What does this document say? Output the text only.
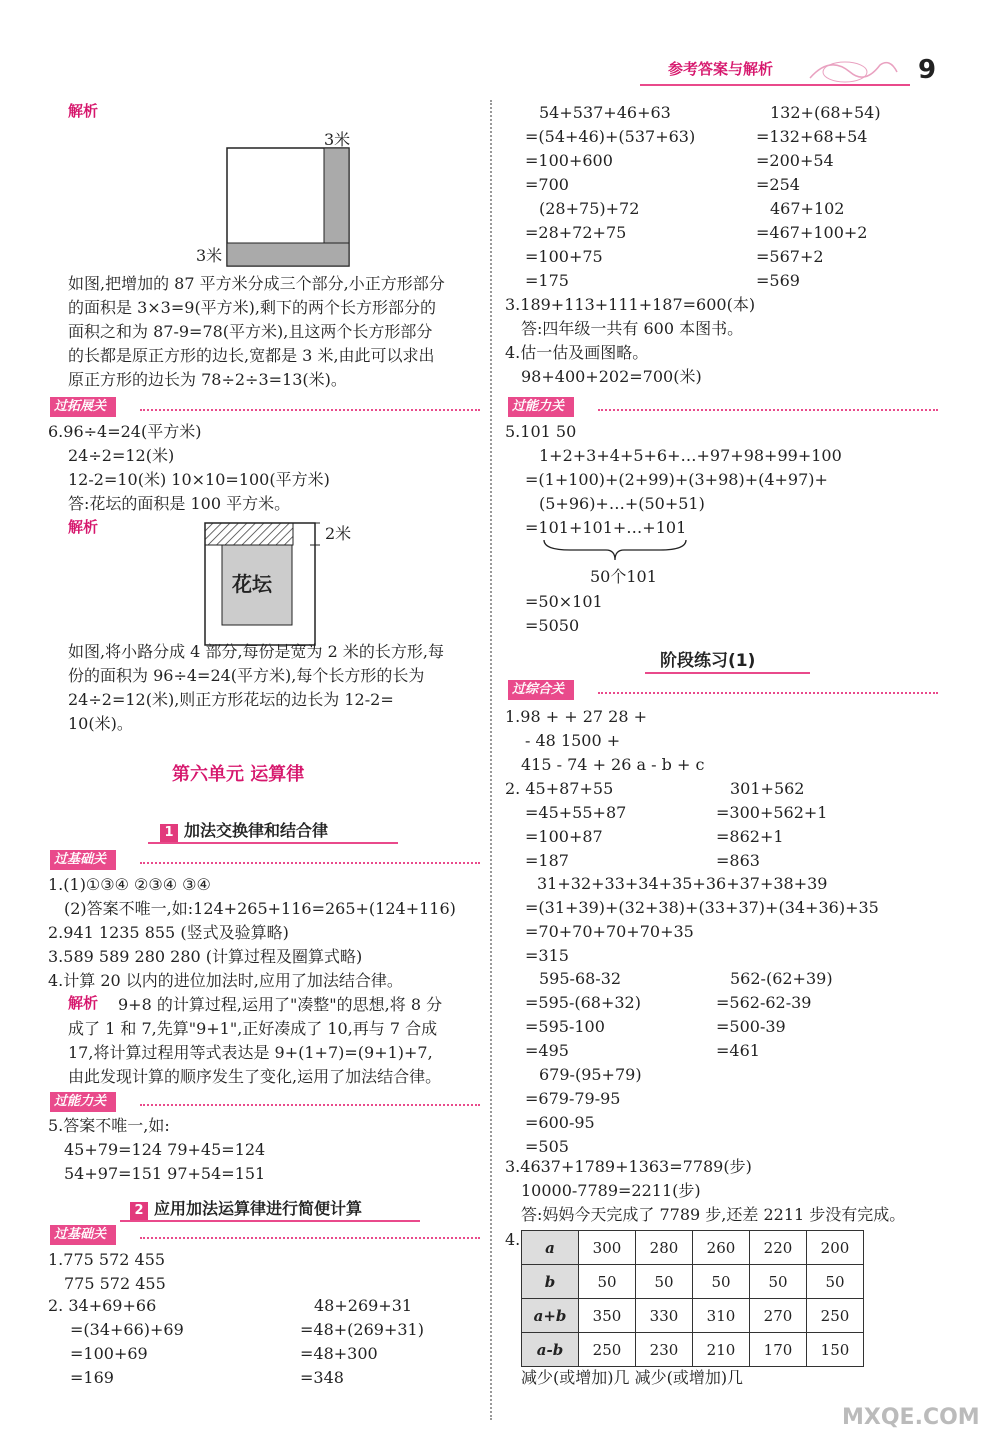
参考答案与解析	9
解析
3米
3米
如图,把增加的 87 平方米分成三个部分,小正方形部分
的面积是 3×3=9(平方米),剩下的两个长方形部分的
面积之和为 87-9=78(平方米),且这两个长方形部分
的长都是原正方形的边长,宽都是 3 米,由此可以求出
原正方形的边长为 78÷2÷3=13(米)。
过拓展关
6.96÷4=24(平方米)
24÷2=12(米)
12-2=10(米) 10×10=100(平方米)
答:花坛的面积是 100 平方米。
解析
花坛
2米
如图,将小路分成 4 部分,每份是宽为 2 米的长方形,每
份的面积为 96÷4=24(平方米),每个长方形的长为
24÷2=12(米),则正方形花坛的边长为 12-2=
10(米)。
第六单元 运算律
1 加法交换律和结合律
过基础关
1.(1)①③④ ②③④ ③④
(2)答案不唯一,如:124+265+116=265+(124+116)
2.941 1235 855 (竖式及验算略)
3.589 589 280 280 (计算过程及圈算式略)
4.计算 20 以内的进位加法时,应用了加法结合律。
解析	9+8 的计算过程,运用了"凑整"的思想,将 8 分
成了 1 和 7,先算"9+1",正好凑成了 10,再与 7 合成
17,将计算过程用等式表达是 9+(1+7)=(9+1)+7,
由此发现计算的顺序发生了变化,运用了加法结合律。
过能力关
5.答案不唯一,如:
45+79=124 79+45=124
54+97=151 97+54=151
2 应用加法运算律进行简便计算
过基础关
1.775 572 455
775 572 455
2. 34+69+66
=(34+66)+69
=100+69
=169
48+269+31
=48+(269+31)
=48+300
=348
54+537+46+63
=(54+46)+(537+63)
=100+600
=700
(28+75)+72
=28+72+75
=100+75
=175
132+(68+54)
=132+68+54
=200+54
=254
467+102
=467+100+2
=567+2
=569
3.189+113+111+187=600(本)
答:四年级一共有 600 本图书。
4.估一估及画图略。
98+400+202=700(米)
过能力关
5.101 50
1+2+3+4+5+6+…+97+98+99+100
=(1+100)+(2+99)+(3+98)+(4+97)+
(5+96)+…+(50+51)
=101+101+…+101
50个101
=50×101
=5050
阶段练习(1)
过综合关
1.98 + + 27 28 +
- 48 1500 +
415 - 74 + 26 a - b + c
2. 45+87+55
=45+55+87
=100+87
=187
301+562
=300+562+1
=862+1
=863
31+32+33+34+35+36+37+38+39
=(31+39)+(32+38)+(33+37)+(34+36)+35
=70+70+70+70+35
=315
595-68-32
=595-(68+32)
=595-100
=495
679-(95+79)
=679-79-95
=600-95
=505
562-(62+39)
=562-62-39
=500-39
=461
3.4637+1789+1363=7789(步)
10000-7789=2211(步)
答:妈妈今天完成了 7789 步,还差 2211 步没有完成。
4. a	300	280	260	220	200
b	50	50	50	50	50
a+b	350	330	310	270	250
a-b	250	230	210	170	150
减少(或增加)几 减少(或增加)几
MXQE.COM
